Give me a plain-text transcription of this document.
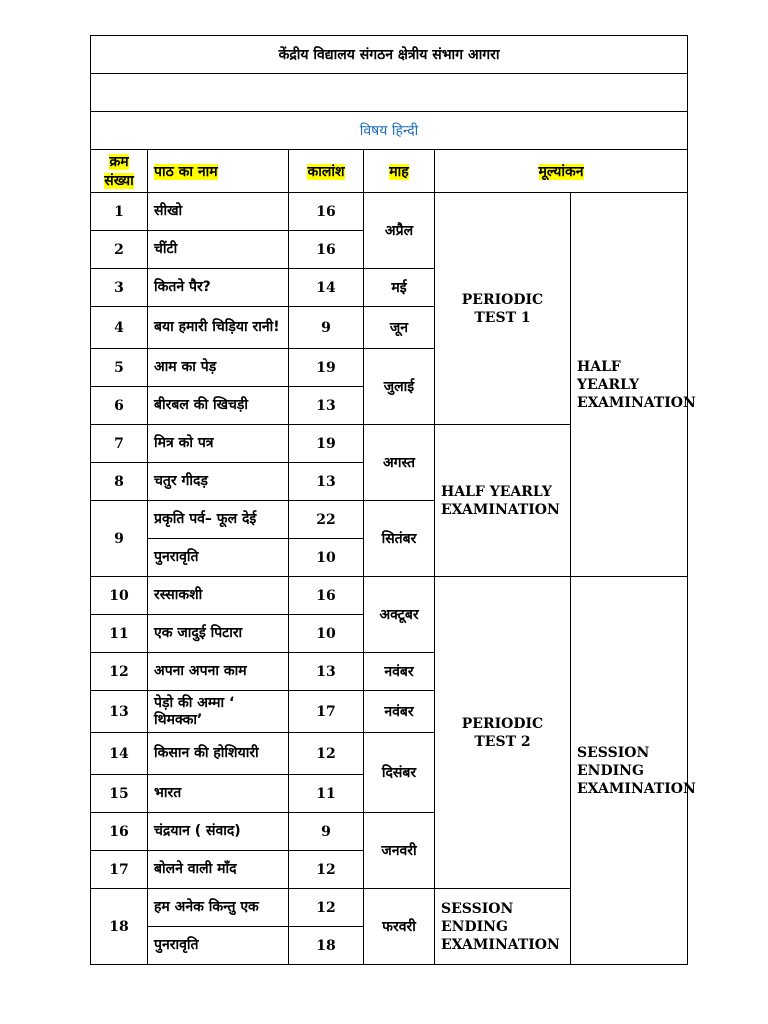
केंद्रीय विद्यालय संगठन क्षेत्रीय संभाग आगरा					

विषय हिन्दी					
क्रम संख्या	पाठ का नाम	कालांश	माह	मूल्यांकन	
1	सीखो	16	अप्रैल	PERIODIC TEST 1	HALF YEARLY EXAMINATION
2	चींटी	16			
3	कितने पैर?	14	मई		
4	बया हमारी चिड़िया रानी!	9	जून		
5	आम का पेड़	19	जुलाई		
6	बीरबल की खिचड़ी	13			
7	मित्र को पत्र	19	अगस्त	HALF YEARLY EXAMINATION	
8	चतुर गीदड़	13			
9	प्रकृति पर्व– फूल देई	22	सितंबर		
	पुनरावृति	10			
10	रस्साकशी	16	अक्टूबर	PERIODIC TEST 2	SESSION ENDING EXAMINATION
11	एक जादुई पिटारा	10			
12	अपना अपना काम	13	नवंबर		
13	पेड़ो की अम्मा ‘ थिमक्का’	17	नवंबर		
14	किसान की होशियारी	12	दिसंबर		
15	भारत	11			
16	चंद्रयान ( संवाद)	9	जनवरी		
17	बोलने वाली माँद	12			
18	हम अनेक किन्तु एक	12	फरवरी	SESSION ENDING EXAMINATION	
	पुनरावृति	18			
